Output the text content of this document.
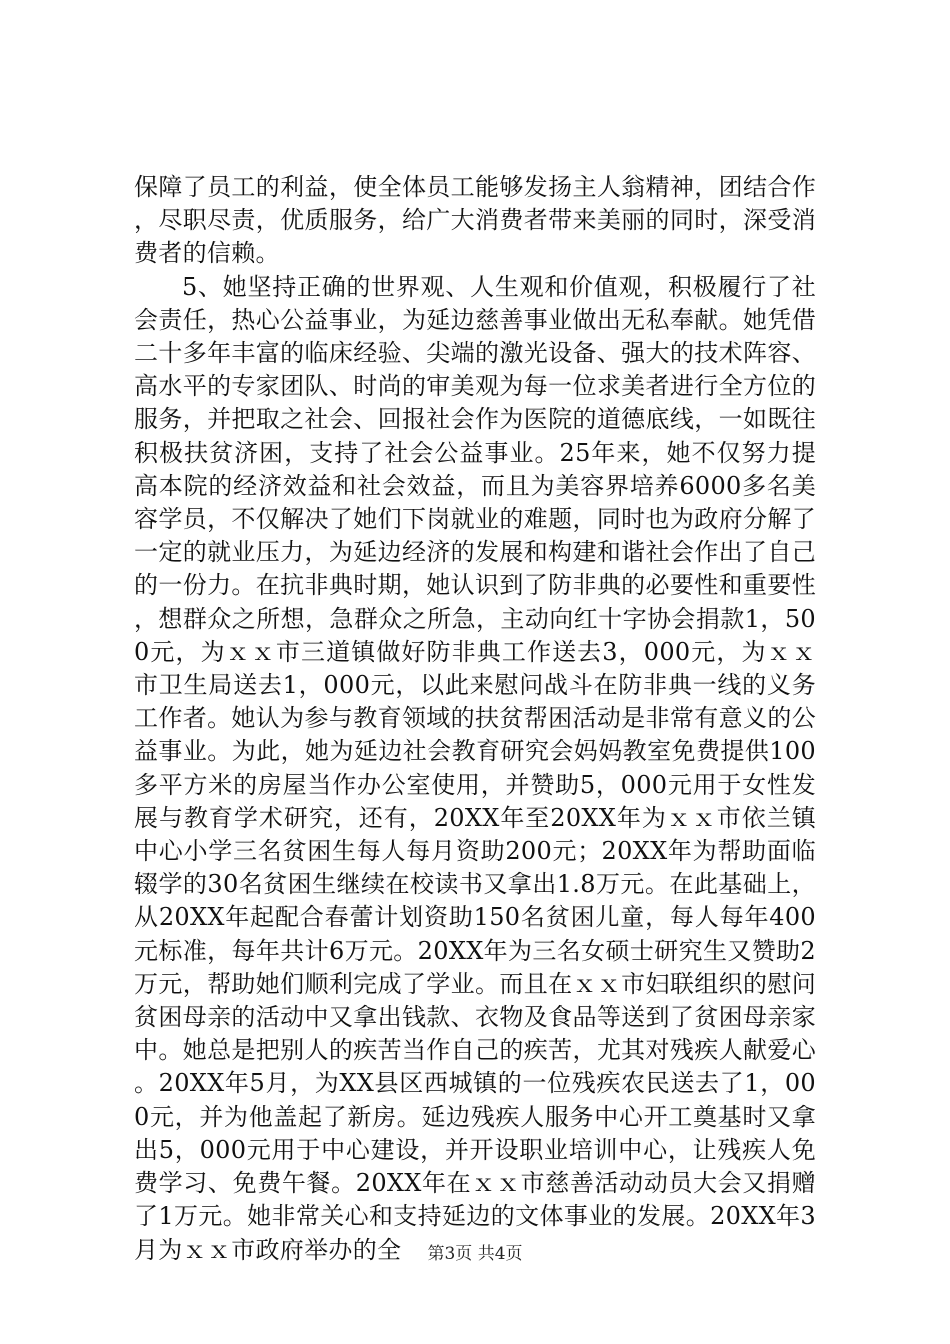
保障了员工的利益，使全体员工能够发扬主人翁精神，团结合作，尽职尽责，优质服务，给广大消费者带来美丽的同时，深受消费者的信赖。

5、她坚持正确的世界观、人生观和价值观，积极履行了社会责任，热心公益事业，为延边慈善事业做出无私奉献。她凭借二十多年丰富的临床经验、尖端的激光设备、强大的技术阵容、高水平的专家团队、时尚的审美观为每一位求美者进行全方位的服务，并把取之社会、回报社会作为医院的道德底线，一如既往积极扶贫济困，支持了社会公益事业。25年来，她不仅努力提高本院的经济效益和社会效益，而且为美容界培养6000多名美容学员，不仅解决了她们下岗就业的难题，同时也为政府分解了一定的就业压力，为延边经济的发展和构建和谐社会作出了自己的一份力。在抗非典时期，她认识到了防非典的必要性和重要性，想群众之所想，急群众之所急，主动向红十字协会捐款1，500元，为ｘｘ市三道镇做好防非典工作送去3，000元，为ｘｘ市卫生局送去1，000元，以此来慰问战斗在防非典一线的义务工作者。她认为参与教育领域的扶贫帮困活动是非常有意义的公益事业。为此，她为延边社会教育研究会妈妈教室免费提供100多平方米的房屋当作办公室使用，并赞助5，000元用于女性发展与教育学术研究，还有，20XX年至20XX年为ｘｘ市依兰镇中心小学三名贫困生每人每月资助200元；20XX年为帮助面临辍学的30名贫困生继续在校读书又拿出1.8万元。在此基础上，从20XX年起配合春蕾计划资助150名贫困儿童，每人每年400元标准，每年共计6万元。20XX年为三名女硕士研究生又赞助2万元，帮助她们顺利完成了学业。而且在ｘｘ市妇联组织的慰问贫困母亲的活动中又拿出钱款、衣物及食品等送到了贫困母亲家中。她总是把别人的疾苦当作自己的疾苦，尤其对残疾人献爱心。20XX年5月，为XX县区西城镇的一位残疾农民送去了1，000元，并为他盖起了新房。延边残疾人服务中心开工奠基时又拿出5，000元用于中心建设，并开设职业培训中心，让残疾人免费学习、免费午餐。20XX年在ｘｘ市慈善活动动员大会又捐赠了1万元。她非常关心和支持延边的文体事业的发展。20XX年3月为ｘｘ市政府举办的全	第3页 共4页
